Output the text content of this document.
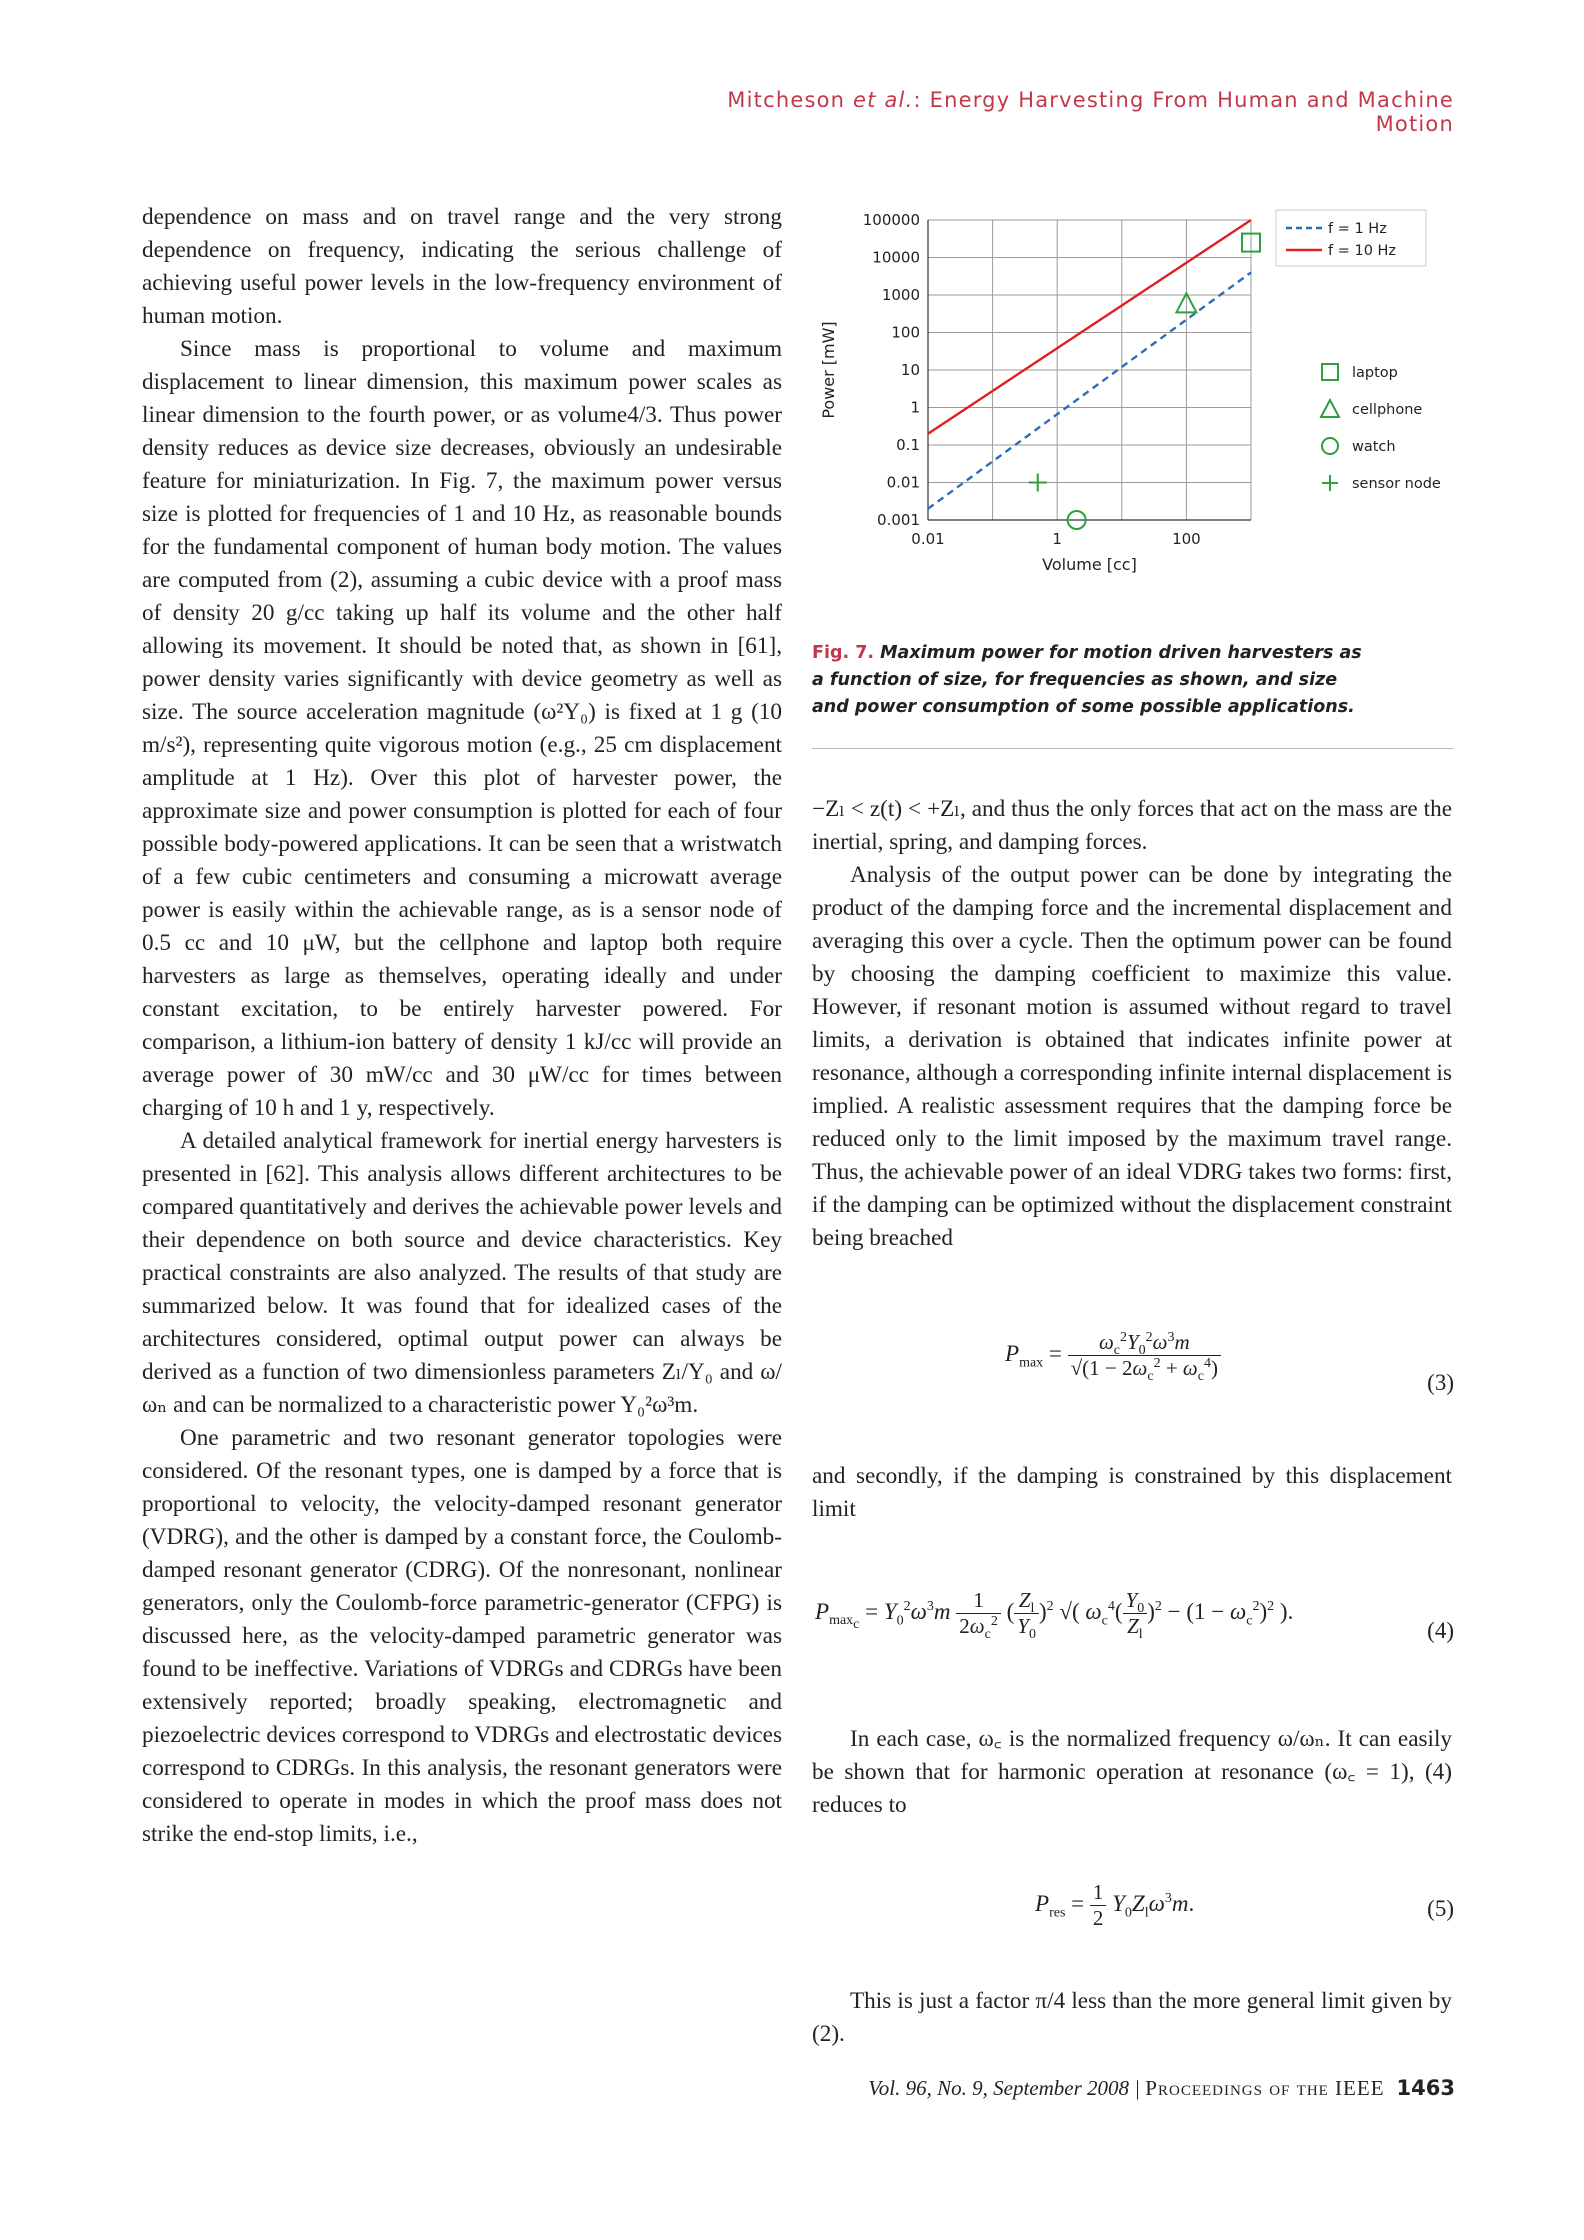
Mitcheson et al.: Energy Harvesting From Human and Machine Motion

dependence on mass and on travel range and the very strong dependence on frequency, indicating the serious challenge of achieving useful power levels in the low-frequency environment of human motion.

Since mass is proportional to volume and maximum displacement to linear dimension, this maximum power scales as linear dimension to the fourth power, or as volume4/3. Thus power density reduces as device size decreases, obviously an undesirable feature for miniaturization. In Fig. 7, the maximum power versus size is plotted for frequencies of 1 and 10 Hz, as reasonable bounds for the fundamental component of human body motion. The values are computed from (2), assuming a cubic device with a proof mass of density 20 g/cc taking up half its volume and the other half allowing its movement. It should be noted that, as shown in [61], power density varies significantly with device geometry as well as size. The source acceleration magnitude (ω²Y₀) is fixed at 1 g (10 m/s²), representing quite vigorous motion (e.g., 25 cm displacement amplitude at 1 Hz). Over this plot of harvester power, the approximate size and power consumption is plotted for each of four possible body-powered applications. It can be seen that a wristwatch of a few cubic centimeters and consuming a microwatt average power is easily within the achievable range, as is a sensor node of 0.5 cc and 10 μW, but the cellphone and laptop both require harvesters as large as themselves, operating ideally and under constant excitation, to be entirely harvester powered. For comparison, a lithium-ion battery of density 1 kJ/cc will provide an average power of 30 mW/cc and 30 μW/cc for times between charging of 10 h and 1 y, respectively.

A detailed analytical framework for inertial energy harvesters is presented in [62]. This analysis allows different architectures to be compared quantitatively and derives the achievable power levels and their dependence on both source and device characteristics. Key practical constraints are also analyzed. The results of that study are summarized below. It was found that for idealized cases of the architectures considered, optimal output power can always be derived as a function of two dimensionless parameters Zₗ/Y₀ and ω/ωₙ and can be normalized to a characteristic power Y₀²ω³m.

One parametric and two resonant generator topologies were considered. Of the resonant types, one is damped by a force that is proportional to velocity, the velocity-damped resonant generator (VDRG), and the other is damped by a constant force, the Coulomb-damped resonant generator (CDRG). Of the nonresonant, nonlinear generators, only the Coulomb-force parametric-generator (CFPG) is discussed here, as the velocity-damped parametric generator was found to be ineffective. Variations of VDRGs and CDRGs have been extensively reported; broadly speaking, electromagnetic and piezoelectric devices correspond to VDRGs and electrostatic devices correspond to CDRGs. In this analysis, the resonant generators were considered to operate in modes in which the proof mass does not strike the end-stop limits, i.e.,

100000
10000
1000
100
10
1
0.1
0.01
0.001
0.01	1	100
Volume [cc]
Power [mW]
f = 1 Hz
f = 10 Hz
laptop
cellphone
watch
sensor node
Fig. 7. Maximum power for motion driven harvesters as a function of size, for frequencies as shown, and size and power consumption of some possible applications.

−Zₗ < z(t) < +Zₗ, and thus the only forces that act on the mass are the inertial, spring, and damping forces.

Analysis of the output power can be done by integrating the product of the damping force and the incremental displacement and averaging this over a cycle. Then the optimum power can be found by choosing the damping coefficient to maximize this value. However, if resonant motion is assumed without regard to travel limits, a derivation is obtained that indicates infinite power at resonance, although a corresponding infinite internal displacement is implied. A realistic assessment requires that the damping force be reduced only to the limit imposed by the maximum travel range. Thus, the achievable power of an ideal VDRG takes two forms: first, if the damping can be optimized without the displacement constraint being breached

$P_{max} = \frac{\omega_c^2Y_0^2\omega^3m}{√(1 - 2\omega_c^2 + \omega_c^4)}$
(3)

and secondly, if the damping is constrained by this displacement limit

$P_{max_c} = Y_0^2\omega^3m \frac{1}{2\omega_c^2}$ ( $\frac{Z_l}{Y_0} )^2$ √( $\omega_c^4( \frac{Y_0}{Z_l} )^2 - (1 - \omega_c^2)^2$ ).
(4)

In each case, ω꜀ is the normalized frequency ω/ωₙ. It can easily be shown that for harmonic operation at resonance (ω꜀ = 1), (4) reduces to

$P_{res} = \frac{1}{2} Y_0Z_l\omega^3m$.	(5)

This is just a factor π/4 less than the more general limit given by (2).

Vol. 96, No. 9, September 2008 | Proceedings of the IEEE 1463
